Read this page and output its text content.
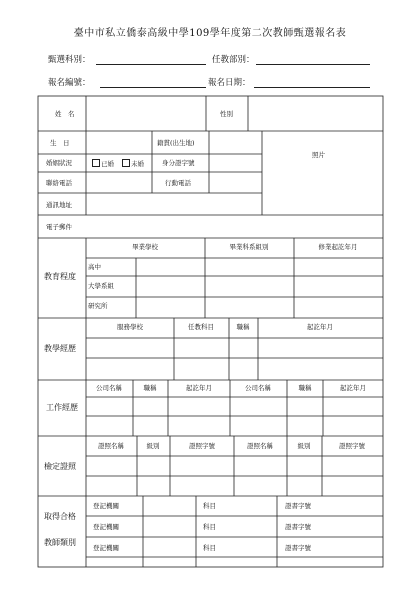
臺中市私立僑泰高級中學109學年度第二次教師甄選報名表
甄選科別：	任教部別：
報名編號：	報名日期：
姓　名	性別
生　日	籍貫(出生地)
婚姻狀況	已婚	未婚	身分證字號
聯絡電話	行動電話
通訊地址
電子郵件
照片
教育程度
畢業學校	畢業科系組別	修業起訖年月
高中
大學系組
研究所
教學經歷
服務學校	任教科目	職稱	起訖年月
工作經歷
公司名稱	職稱	起訖年月	公司名稱	職稱	起訖年月
檢定證照
證照名稱	級別	證照字號	證照名稱	級別	證照字號
取得合格
教師類別
登記機關	科目	證書字號
登記機關	科目	證書字號
登記機關	科目	證書字號
